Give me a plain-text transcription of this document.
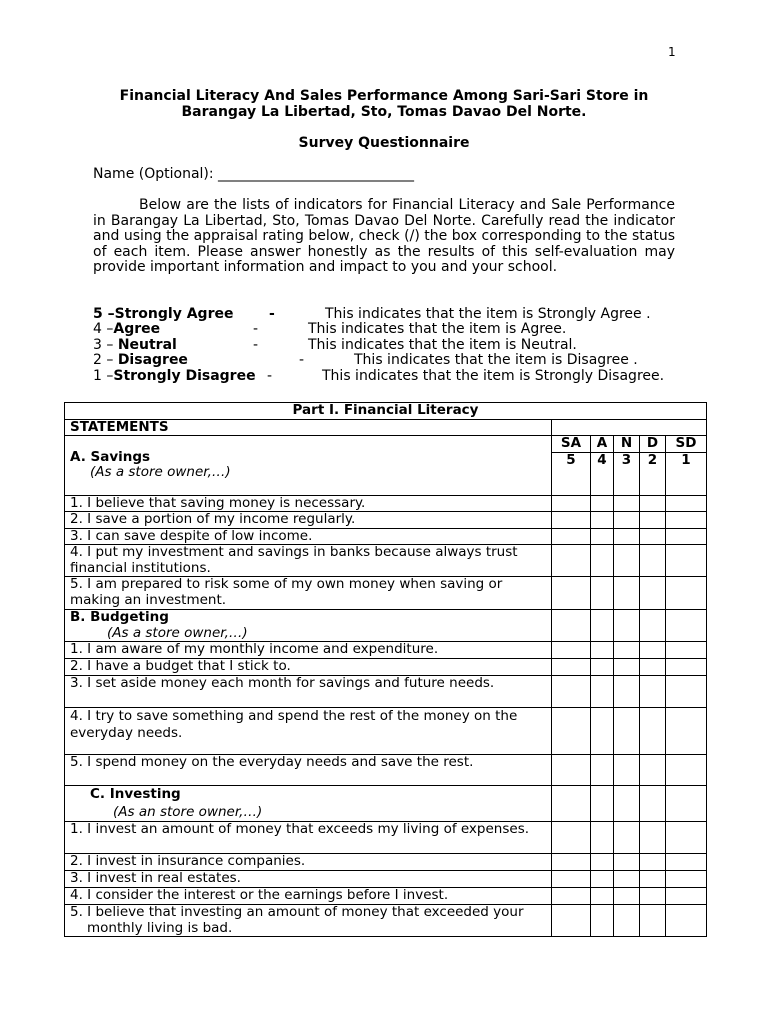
1
Financial Literacy And Sales Performance Among Sari-Sari Store in
Barangay La Libertad, Sto, Tomas Davao Del Norte.
Survey Questionnaire
Name (Optional): ____________________________
Below are the lists of indicators for Financial Literacy and Sale Performance in Barangay La Libertad, Sto, Tomas Davao Del Norte. Carefully read the indicator and using the appraisal rating below, check (/) the box corresponding to the status of each item. Please answer honestly as the results of this self-evaluation may provide important information and impact to you and your school.
5 –Strongly Agree	-	This indicates that the item is Strongly Agree .
4 –Agree	-	This indicates that the item is Agree.
3 – Neutral	-	This indicates that the item is Neutral.
2 – Disagree	-	This indicates that the item is Disagree .
1 –Strongly Disagree -	This indicates that the item is Strongly Disagree.
Part I. Financial Literacy					
STATEMENTS					

A. Savings
(As a store owner,…)	SA	A	N	D	SD
	5	4	3	2	1
1. I believe that saving money is necessary.					
2. I save a portion of my income regularly.					
3. I can save despite of low income.					
4. I put my investment and savings in banks because always trust financial institutions.					
5. I am prepared to risk some of my own money when saving or making an investment.					

B. Budgeting
(As a store owner,…)					

1. I am aware of my monthly income and expenditure.					
2. I have a budget that I stick to.					
3. I set aside money each month for savings and future needs.					
4. I try to save something and spend the rest of the money on the everyday needs.					
5. I spend money on the everyday needs and save the rest.					

C. Investing
(As an store owner,…)					

1. I invest an amount of money that exceeds my living of expenses.					
2. I invest in insurance companies.					
3. I invest in real estates.					
4. I consider the interest or the earnings before I invest.					
5. I believe that investing an amount of money that exceeded your monthly living is bad.					
